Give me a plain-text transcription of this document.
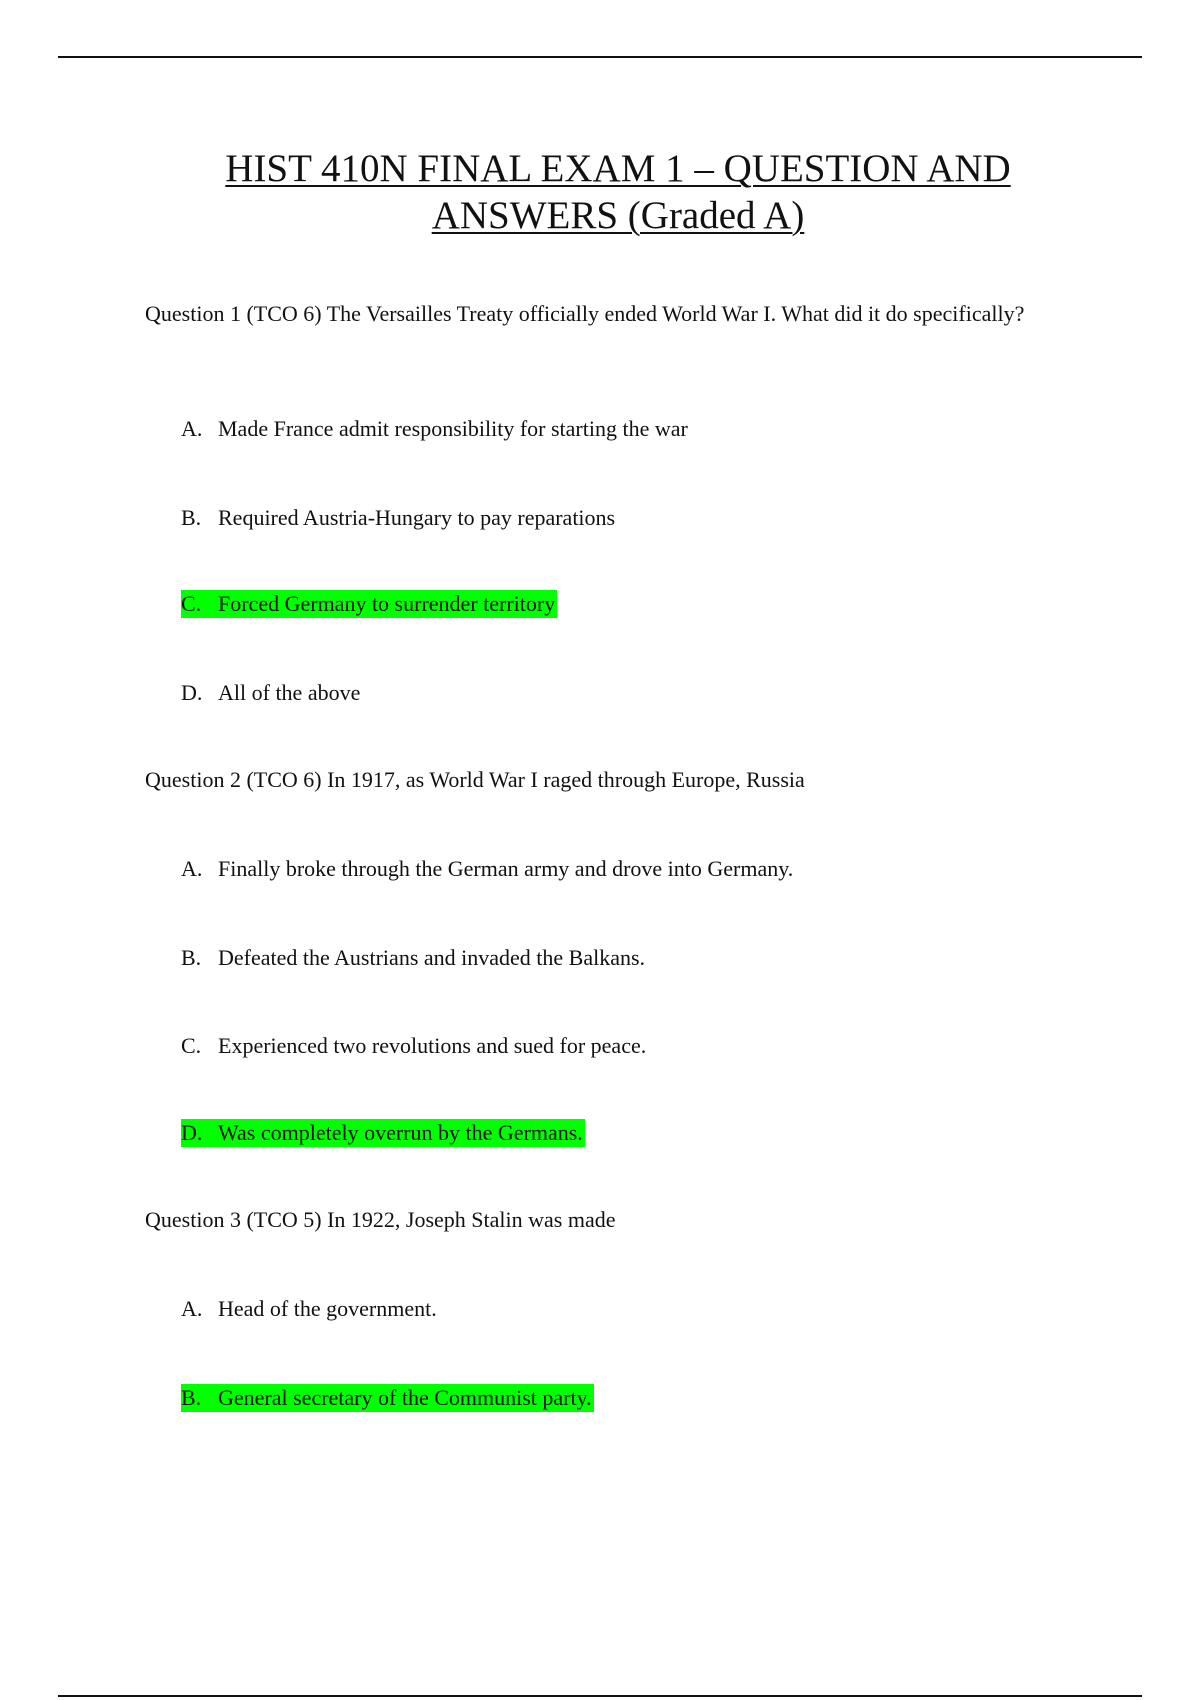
HIST 410N FINAL EXAM 1 – QUESTION AND
ANSWERS (Graded A)

Question 1 (TCO 6) The Versailles Treaty officially ended World War I. What did it do specifically?

A. Made France admit responsibility for starting the war
B. Required Austria-Hungary to pay reparations
C. Forced Germany to surrender territory
D. All of the above

Question 2 (TCO 6) In 1917, as World War I raged through Europe, Russia

A. Finally broke through the German army and drove into Germany.
B. Defeated the Austrians and invaded the Balkans.
C. Experienced two revolutions and sued for peace.
D. Was completely overrun by the Germans.

Question 3 (TCO 5) In 1922, Joseph Stalin was made

A. Head of the government.
B. General secretary of the Communist party.
